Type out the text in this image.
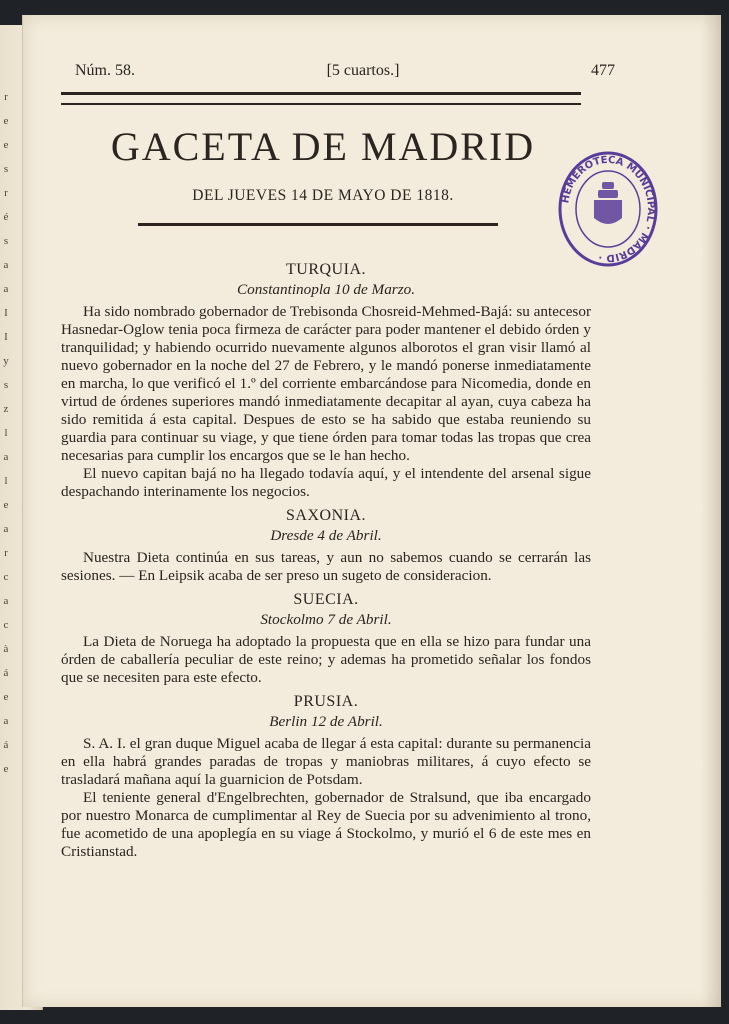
r
e
e
s
r
é
s
a
a
I
I
y
s
z
l
a
l
e
a
r
c
a
c
à
á
e
a
á
e
Núm. 58.	[5 cuartos.]	477
GACETA DE MADRID
DEL JUEVES 14 DE MAYO DE 1818.	HEMEROTECA MUNICIPAL · MADRID ·
TURQUIA.
Constantinopla 10 de Marzo.

Ha sido nombrado gobernador de Trebisonda Chosreid-Mehmed-Bajá: su antecesor Hasnedar-Oglow tenia poca firmeza de carácter para poder mantener el debido órden y tranquilidad; y habiendo ocurrido nuevamente algunos alborotos el gran visir llamó al nuevo gobernador en la noche del 27 de Febrero, y le mandó ponerse inmediatamente en marcha, lo que verificó el 1.º del corriente embarcándose para Nicomedia, donde en virtud de órdenes superiores mandó inmediatamente decapitar al ayan, cuya cabeza ha sido remitida á esta capital. Despues de esto se ha sabido que estaba reuniendo su guardia para continuar su viage, y que tiene órden para tomar todas las tropas que crea necesarias para cumplir los encargos que se le han hecho.

El nuevo capitan bajá no ha llegado todavía aquí, y el intendente del arsenal sigue despachando interinamente los negocios.

SAXONIA.
Dresde 4 de Abril.

Nuestra Dieta continúa en sus tareas, y aun no sabemos cuando se cerrarán las sesiones. — En Leipsik acaba de ser preso un sugeto de consideracion.

SUECIA.
Stockolmo 7 de Abril.

La Dieta de Noruega ha adoptado la propuesta que en ella se hizo para fundar una órden de caballería peculiar de este reino; y ademas ha prometido señalar los fondos que se necesiten para este efecto.

PRUSIA.
Berlin 12 de Abril.

S. A. I. el gran duque Miguel acaba de llegar á esta capital: durante su permanencia en ella habrá grandes paradas de tropas y maniobras militares, á cuyo efecto se trasladará mañana aquí la guarnicion de Potsdam.

El teniente general d'Engelbrechten, gobernador de Stralsund, que iba encargado por nuestro Monarca de cumplimentar al Rey de Suecia por su advenimiento al trono, fue acometido de una apoplegía en su viage á Stockolmo, y murió el 6 de este mes en Cristianstad.
